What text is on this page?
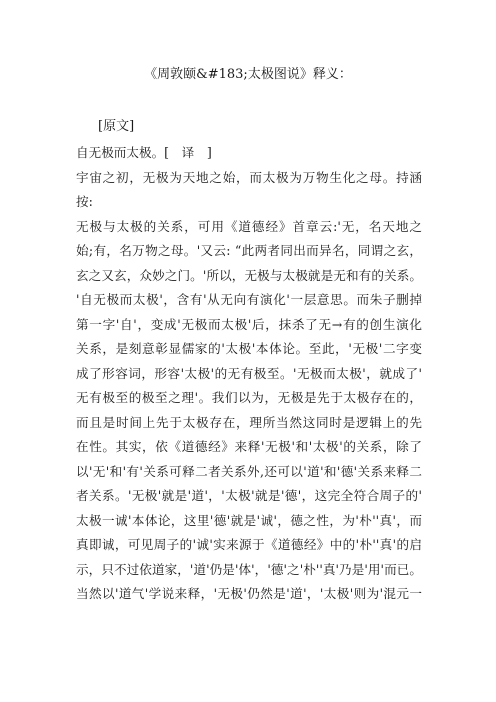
《周敦颐&#183;太极图说》释义：
[原文]
自无极而太极。[　译　]
宇宙之初，无极为天地之始，而太极为万物生化之母。持涵
按:
无极与太极的关系，可用《道德经》首章云:'无，名天地之
始;有，名万物之母。'又云: “此两者同出而异名，同谓之玄，
玄之又玄，众妙之门。'所以，无极与太极就是无和有的关系。
'自无极而太极'，含有'从无向有演化'一层意思。而朱子删掉
第一字'自'，变成'无极而太极'后，抹杀了无→有的创生演化
关系，是刻意彰显儒家的'太极'本体论。至此，'无极'二字变
成了形容词，形容'太极'的无有极至。'无极而太极'，就成了'
无有极至的极至之理'。我们以为，无极是先于太极存在的，
而且是时间上先于太极存在，理所当然这同时是逻辑上的先
在性。其实，依《道德经》来释'无极'和'太极'的关系，除了
以'无'和'有'关系可释二者关系外,还可以'道'和'德'关系来释二
者关系。'无极'就是'道'，'太极'就是'德'，这完全符合周子的'
太极一诚'本体论，这里'德'就是'诚'，德之性，为'朴''真'，而
真即诚，可见周子的'诚'实来源于《道德经》中的'朴''真'的启
示，只不过依道家，'道'仍是'体'，'德'之'朴''真'乃是'用'而已。
当然以'道气'学说来释，'无极'仍然是'道'，'太极'则为'混元一
